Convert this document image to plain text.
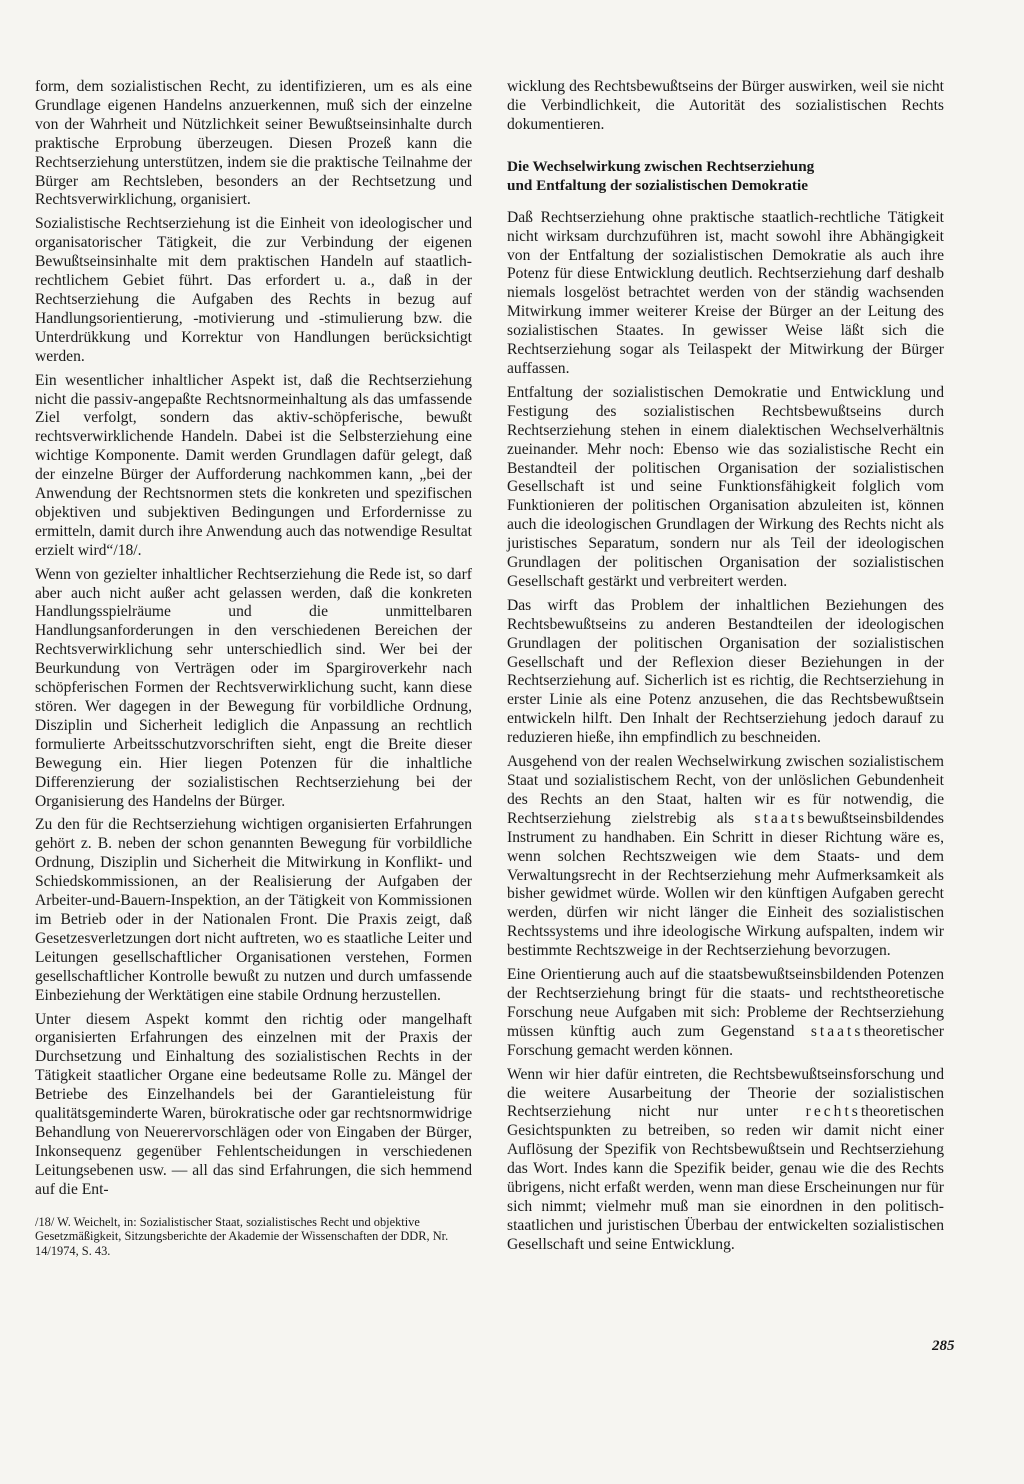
form, dem sozialistischen Recht, zu identifizieren, um es als eine Grundlage eigenen Handelns anzuerkennen, muß sich der einzelne von der Wahrheit und Nützlichkeit seiner Bewußtseinsinhalte durch praktische Erprobung überzeugen. Diesen Prozeß kann die Rechtserziehung unterstützen, indem sie die praktische Teilnahme der Bürger am Rechtsleben, besonders an der Rechtsetzung und Rechtsverwirklichung, organisiert.

Sozialistische Rechtserziehung ist die Einheit von ideologischer und organisatorischer Tätigkeit, die zur Verbindung der eigenen Bewußtseinsinhalte mit dem praktischen Handeln auf staatlich-rechtlichem Gebiet führt. Das erfordert u. a., daß in der Rechtserziehung die Aufgaben des Rechts in bezug auf Handlungsorientierung, -motivierung und -stimulierung bzw. die Unterdrükkung und Korrektur von Handlungen berücksichtigt werden.

Ein wesentlicher inhaltlicher Aspekt ist, daß die Rechtserziehung nicht die passiv-angepaßte Rechtsnormeinhaltung als das umfassende Ziel verfolgt, sondern das aktiv-schöpferische, bewußt rechtsverwirklichende Handeln. Dabei ist die Selbsterziehung eine wichtige Komponente. Damit werden Grundlagen dafür gelegt, daß der einzelne Bürger der Aufforderung nachkommen kann, „bei der Anwendung der Rechtsnormen stets die konkreten und spezifischen objektiven und subjektiven Bedingungen und Erfordernisse zu ermitteln, damit durch ihre Anwendung auch das notwendige Resultat erzielt wird“/18/.

Wenn von gezielter inhaltlicher Rechtserziehung die Rede ist, so darf aber auch nicht außer acht gelassen werden, daß die konkreten Handlungsspielräume und die unmittelbaren Handlungsanforderungen in den verschiedenen Bereichen der Rechtsverwirklichung sehr unterschiedlich sind. Wer bei der Beurkundung von Verträgen oder im Spargiroverkehr nach schöpferischen Formen der Rechtsverwirklichung sucht, kann diese stören. Wer dagegen in der Bewegung für vorbildliche Ordnung, Disziplin und Sicherheit lediglich die Anpassung an rechtlich formulierte Arbeitsschutzvorschriften sieht, engt die Breite dieser Bewegung ein. Hier liegen Potenzen für die inhaltliche Differenzierung der sozialistischen Rechtserziehung bei der Organisierung des Handelns der Bürger.

Zu den für die Rechtserziehung wichtigen organisierten Erfahrungen gehört z. B. neben der schon genannten Bewegung für vorbildliche Ordnung, Disziplin und Sicherheit die Mitwirkung in Konflikt- und Schiedskommissionen, an der Realisierung der Aufgaben der Arbeiter-und-Bauern-Inspektion, an der Tätigkeit von Kommissionen im Betrieb oder in der Nationalen Front. Die Praxis zeigt, daß Gesetzesverletzungen dort nicht auftreten, wo es staatliche Leiter und Leitungen gesellschaftlicher Organisationen verstehen, Formen gesellschaftlicher Kontrolle bewußt zu nutzen und durch umfassende Einbeziehung der Werktätigen eine stabile Ordnung herzustellen.

Unter diesem Aspekt kommt den richtig oder mangelhaft organisierten Erfahrungen des einzelnen mit der Praxis der Durchsetzung und Einhaltung des sozialistischen Rechts in der Tätigkeit staatlicher Organe eine bedeutsame Rolle zu. Mängel der Betriebe des Einzelhandels bei der Garantieleistung für qualitätsgeminderte Waren, bürokratische oder gar rechtsnormwidrige Behandlung von Neuerervorschlägen oder von Eingaben der Bürger, Inkonsequenz gegenüber Fehlentscheidungen in verschiedenen Leitungsebenen usw. — all das sind Erfahrungen, die sich hemmend auf die Ent-

/18/ W. Weichelt, in: Sozialistischer Staat, sozialistisches Recht und objektive Gesetzmäßigkeit, Sitzungsberichte der Akademie der Wissenschaften der DDR, Nr. 14/1974, S. 43.

wicklung des Rechtsbewußtseins der Bürger auswirken, weil sie nicht die Verbindlichkeit, die Autorität des sozialistischen Rechts dokumentieren.

Die Wechselwirkung zwischen Rechtserziehung
und Entfaltung der sozialistischen Demokratie

Daß Rechtserziehung ohne praktische staatlich-rechtliche Tätigkeit nicht wirksam durchzuführen ist, macht sowohl ihre Abhängigkeit von der Entfaltung der sozialistischen Demokratie als auch ihre Potenz für diese Entwicklung deutlich. Rechtserziehung darf deshalb niemals losgelöst betrachtet werden von der ständig wachsenden Mitwirkung immer weiterer Kreise der Bürger an der Leitung des sozialistischen Staates. In gewisser Weise läßt sich die Rechtserziehung sogar als Teilaspekt der Mitwirkung der Bürger auffassen.

Entfaltung der sozialistischen Demokratie und Entwicklung und Festigung des sozialistischen Rechtsbewußtseins durch Rechtserziehung stehen in einem dialektischen Wechselverhältnis zueinander. Mehr noch: Ebenso wie das sozialistische Recht ein Bestandteil der politischen Organisation der sozialistischen Gesellschaft ist und seine Funktionsfähigkeit folglich vom Funktionieren der politischen Organisation abzuleiten ist, können auch die ideologischen Grundlagen der Wirkung des Rechts nicht als juristisches Separatum, sondern nur als Teil der ideologischen Grundlagen der politischen Organisation der sozialistischen Gesellschaft gestärkt und verbreitert werden.

Das wirft das Problem der inhaltlichen Beziehungen des Rechtsbewußtseins zu anderen Bestandteilen der ideologischen Grundlagen der politischen Organisation der sozialistischen Gesellschaft und der Reflexion dieser Beziehungen in der Rechtserziehung auf. Sicherlich ist es richtig, die Rechtserziehung in erster Linie als eine Potenz anzusehen, die das Rechtsbewußtsein entwickeln hilft. Den Inhalt der Rechtserziehung jedoch darauf zu reduzieren hieße, ihn empfindlich zu beschneiden.

Ausgehend von der realen Wechselwirkung zwischen sozialistischem Staat und sozialistischem Recht, von der unlöslichen Gebundenheit des Rechts an den Staat, halten wir es für notwendig, die Rechtserziehung zielstrebig als staatsbewußtseinsbildendes Instrument zu handhaben. Ein Schritt in dieser Richtung wäre es, wenn solchen Rechtszweigen wie dem Staats- und dem Verwaltungsrecht in der Rechtserziehung mehr Aufmerksamkeit als bisher gewidmet würde. Wollen wir den künftigen Aufgaben gerecht werden, dürfen wir nicht länger die Einheit des sozialistischen Rechtssystems und ihre ideologische Wirkung aufspalten, indem wir bestimmte Rechtszweige in der Rechtserziehung bevorzugen.

Eine Orientierung auch auf die staatsbewußtseinsbildenden Potenzen der Rechtserziehung bringt für die staats- und rechtstheoretische Forschung neue Aufgaben mit sich: Probleme der Rechtserziehung müssen künftig auch zum Gegenstand staatstheoretischer Forschung gemacht werden können.

Wenn wir hier dafür eintreten, die Rechtsbewußtseinsforschung und die weitere Ausarbeitung der Theorie der sozialistischen Rechtserziehung nicht nur unter rechtstheoretischen Gesichtspunkten zu betreiben, so reden wir damit nicht einer Auflösung der Spezifik von Rechtsbewußtsein und Rechtserziehung das Wort. Indes kann die Spezifik beider, genau wie die des Rechts übrigens, nicht erfaßt werden, wenn man diese Erscheinungen nur für sich nimmt; vielmehr muß man sie einordnen in den politisch-staatlichen und juristischen Überbau der entwickelten sozialistischen Gesellschaft und seine Entwicklung.

285
